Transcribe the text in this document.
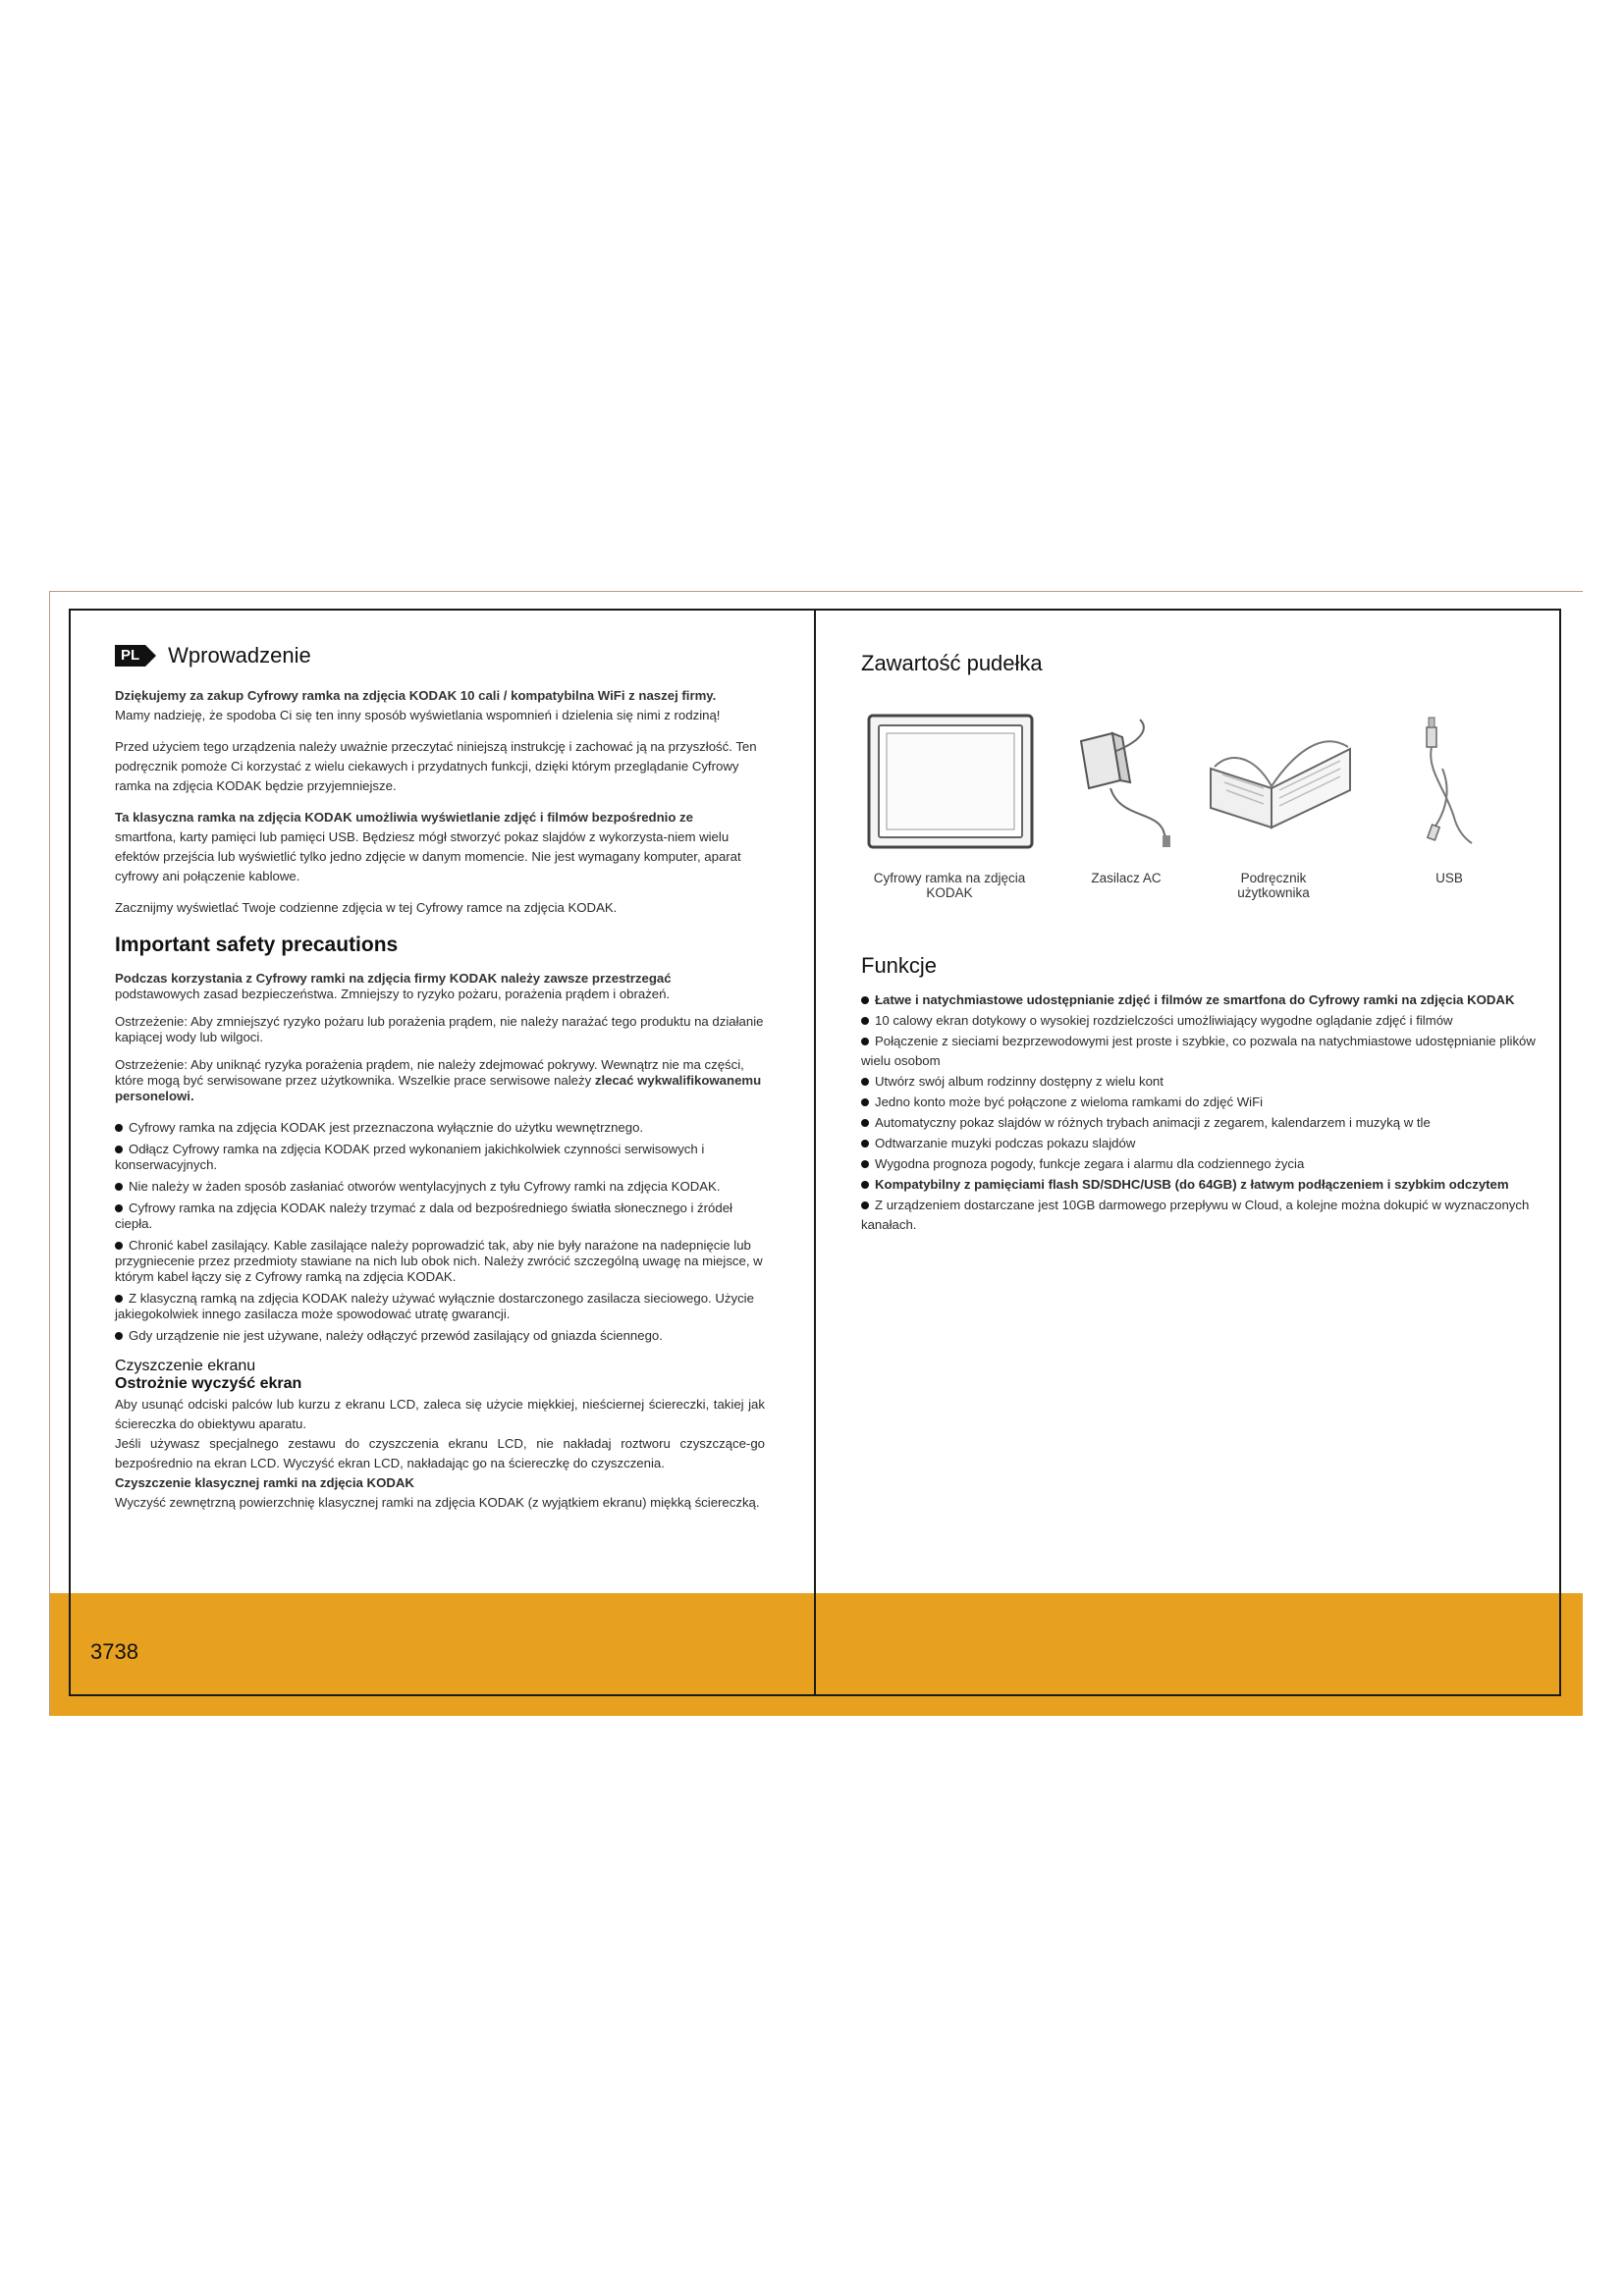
3738
PL Wprowadzenie

Dziękujemy za zakup Cyfrowy ramka na zdjęcia KODAK 10 cali / kompatybilna WiFi z naszej firmy.
Mamy nadzieję, że spodoba Ci się ten inny sposób wyświetlania wspomnień i dzielenia się nimi z rodziną!

Przed użyciem tego urządzenia należy uważnie przeczytać niniejszą instrukcję i zachować ją na przyszłość. Ten podręcznik pomoże Ci korzystać z wielu ciekawych i przydatnych funkcji, dzięki którym przeglądanie Cyfrowy ramka na zdjęcia KODAK będzie przyjemniejsze.

Ta klasyczna ramka na zdjęcia KODAK umożliwia wyświetlanie zdjęć i filmów bezpośrednio ze
smartfona, karty pamięci lub pamięci USB. Będziesz mógł stworzyć pokaz slajdów z wykorzysta-niem wielu efektów przejścia lub wyświetlić tylko jedno zdjęcie w danym momencie. Nie jest wymagany komputer, aparat cyfrowy ani połączenie kablowe.

Zacznijmy wyświetlać Twoje codzienne zdjęcia w tej Cyfrowy ramce na zdjęcia KODAK.

Important safety precautions

Podczas korzystania z Cyfrowy ramki na zdjęcia firmy KODAK należy zawsze przestrzegać
podstawowych zasad bezpieczeństwa. Zmniejszy to ryzyko pożaru, porażenia prądem i obrażeń.

Ostrzeżenie: Aby zmniejszyć ryzyko pożaru lub porażenia prądem, nie należy narażać tego produktu na działanie kapiącej wody lub wilgoci.

Ostrzeżenie: Aby uniknąć ryzyka porażenia prądem, nie należy zdejmować pokrywy. Wewnątrz nie ma części, które mogą być serwisowane przez użytkownika. Wszelkie prace serwisowe należy zlecać wykwalifikowanemu personelowi.

Cyfrowy ramka na zdjęcia KODAK jest przeznaczona wyłącznie do użytku wewnętrznego.
Odłącz Cyfrowy ramka na zdjęcia KODAK przed wykonaniem jakichkolwiek czynności serwisowych i konserwacyjnych.
Nie należy w żaden sposób zasłaniać otworów wentylacyjnych z tyłu Cyfrowy ramki na zdjęcia KODAK.
Cyfrowy ramka na zdjęcia KODAK należy trzymać z dala od bezpośredniego światła słonecznego i źródeł ciepła.
Chronić kabel zasilający. Kable zasilające należy poprowadzić tak, aby nie były narażone na nadepnięcie lub przygniecenie przez przedmioty stawiane na nich lub obok nich. Należy zwrócić szczególną uwagę na miejsce, w którym kabel łączy się z Cyfrowy ramką na zdjęcia KODAK.
Z klasyczną ramką na zdjęcia KODAK należy używać wyłącznie dostarczonego zasilacza sieciowego. Użycie jakiegokolwiek innego zasilacza może spowodować utratę gwarancji.
Gdy urządzenie nie jest używane, należy odłączyć przewód zasilający od gniazda ściennego.
Czyszczenie ekranu
Ostrożnie wyczyść ekran

Aby usunąć odciski palców lub kurzu z ekranu LCD, zaleca się użycie miękkiej, nieściernej ściereczki, takiej jak ściereczka do obiektywu aparatu.

Jeśli używasz specjalnego zestawu do czyszczenia ekranu LCD, nie nakładaj roztworu czyszczące-go bezpośrednio na ekran LCD. Wyczyść ekran LCD, nakładając go na ściereczkę do czyszczenia.

Czyszczenie klasycznej ramki na zdjęcia KODAK

Wyczyść zewnętrzną powierzchnię klasycznej ramki na zdjęcia KODAK (z wyjątkiem ekranu) miękką ściereczką.

Zawartość pudełka
Cyfrowy ramka na zdjęcia KODAK
Zasilacz AC	Podręcznik użytkownika
USB
Funkcje
Łatwe i natychmiastowe udostępnianie zdjęć i filmów ze smartfona do Cyfrowy ramki na zdjęcia KODAK
10 calowy ekran dotykowy o wysokiej rozdzielczości umożliwiający wygodne oglądanie zdjęć i filmów
Połączenie z sieciami bezprzewodowymi jest proste i szybkie, co pozwala na natychmiastowe udostępnianie plików wielu osobom
Utwórz swój album rodzinny dostępny z wielu kont
Jedno konto może być połączone z wieloma ramkami do zdjęć WiFi
Automatyczny pokaz slajdów w różnych trybach animacji z zegarem, kalendarzem i muzyką w tle
Odtwarzanie muzyki podczas pokazu slajdów
Wygodna prognoza pogody, funkcje zegara i alarmu dla codziennego życia
Kompatybilny z pamięciami flash SD/SDHC/USB (do 64GB) z łatwym podłączeniem i szybkim odczytem
Z urządzeniem dostarczane jest 10GB darmowego przepływu w Cloud, a kolejne można dokupić w wyznaczonych kanałach.
